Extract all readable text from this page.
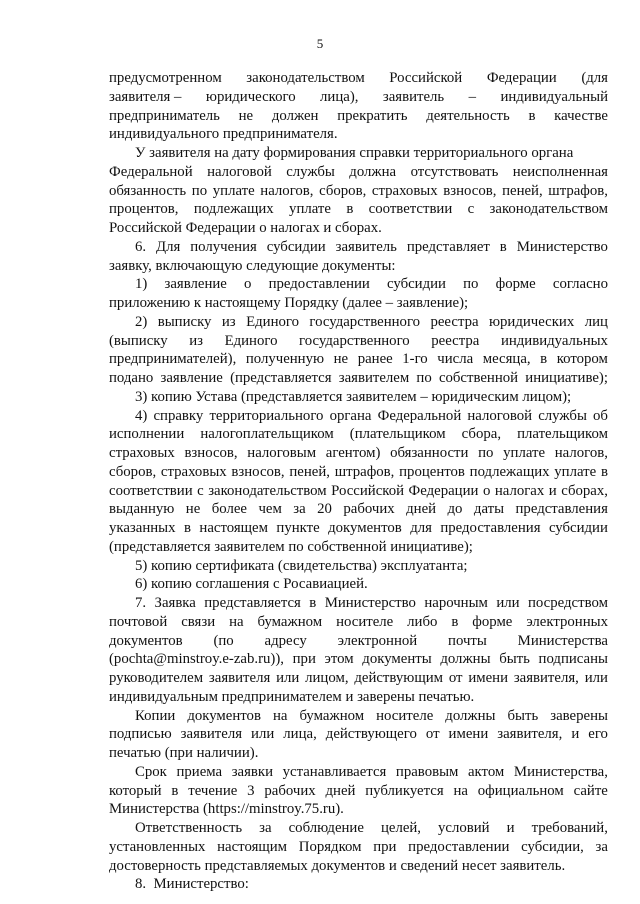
5
предусмотренном законодательством Российской Федерации (для
заявителя – юридического лица), заявитель – индивидуальный
предприниматель не должен прекратить деятельность в качестве
индивидуального предпринимателя.
У заявителя на дату формирования справки территориального органа
Федеральной налоговой службы должна отсутствовать неисполненная
обязанность по уплате налогов, сборов, страховых взносов, пеней, штрафов,
процентов, подлежащих уплате в соответствии с законодательством
Российской Федерации о налогах и сборах.
6. Для получения субсидии заявитель представляет в Министерство
заявку, включающую следующие документы:
1) заявление о предоставлении субсидии по форме согласно
приложению к настоящему Порядку (далее – заявление);
2) выписку из Единого государственного реестра юридических лиц
(выписку из Единого государственного реестра индивидуальных
предпринимателей), полученную не ранее 1-го числа месяца, в котором
подано заявление (представляется заявителем по собственной инициативе);
3) копию Устава (представляется заявителем – юридическим лицом);
4) справку территориального органа Федеральной налоговой службы об
исполнении налогоплательщиком (плательщиком сбора, плательщиком
страховых взносов, налоговым агентом) обязанности по уплате налогов,
сборов, страховых взносов, пеней, штрафов, процентов подлежащих уплате в
соответствии с законодательством Российской Федерации о налогах и сборах,
выданную не более чем за 20 рабочих дней до даты представления
указанных в настоящем пункте документов для предоставления субсидии
(представляется заявителем по собственной инициативе);
5) копию сертификата (свидетельства) эксплуатанта;
6) копию соглашения с Росавиацией.
7. Заявка представляется в Министерство нарочным или посредством
почтовой связи на бумажном носителе либо в форме электронных
документов (по адресу электронной почты Министерства
(pochta@minstroy.e-zab.ru)), при этом документы должны быть подписаны
руководителем заявителя или лицом, действующим от имени заявителя, или
индивидуальным предпринимателем и заверены печатью.
Копии документов на бумажном носителе должны быть заверены
подписью заявителя или лица, действующего от имени заявителя, и его
печатью (при наличии).
Срок приема заявки устанавливается правовым актом Министерства,
который в течение 3 рабочих дней публикуется на официальном сайте
Министерства (https://minstroy.75.ru).
Ответственность за соблюдение целей, условий и требований,
установленных настоящим Порядком при предоставлении субсидии, за
достоверность представляемых документов и сведений несет заявитель.
8.  Министерство:
